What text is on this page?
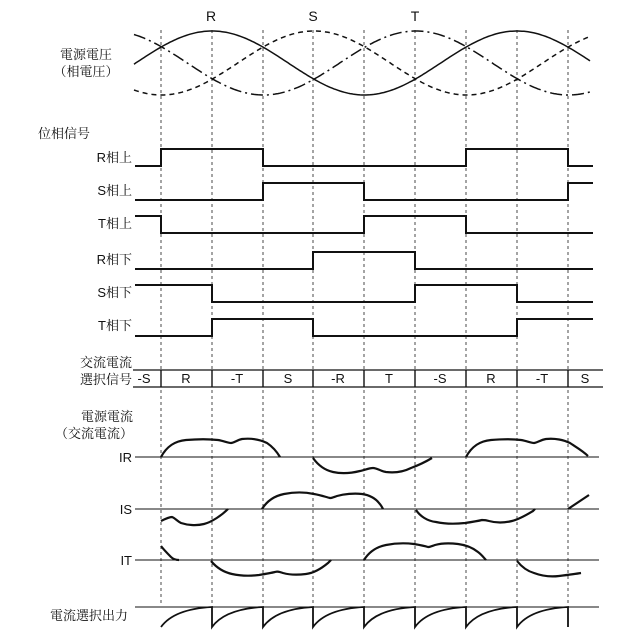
電源電圧
（相電圧）
R	S	T
位相信号
R相上
S相上
T相上
R相下
S相下
T相下
交流電流
選択信号 -S	R	-T	S	-R	T	-S	R	-T	S
電源電流
（交流電流）
IR
IS
IT
電流選択出力
